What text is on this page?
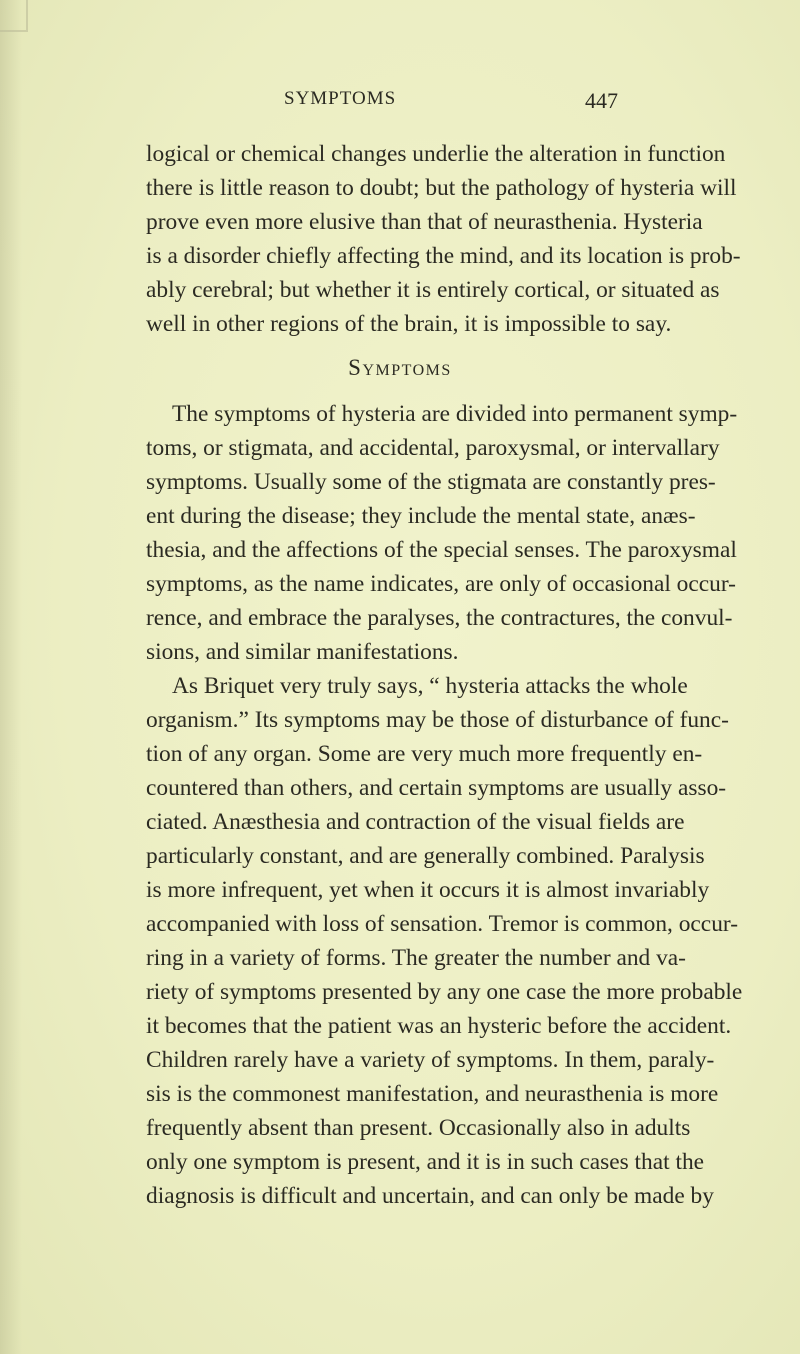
SYMPTOMS	447
logical or chemical changes underlie the alteration in function
there is little reason to doubt; but the pathology of hysteria will
prove even more elusive than that of neurasthenia. Hysteria
is a disorder chiefly affecting the mind, and its location is prob-
ably cerebral; but whether it is entirely cortical, or situated as
well in other regions of the brain, it is impossible to say.
Symptoms
The symptoms of hysteria are divided into permanent symp-
toms, or stigmata, and accidental, paroxysmal, or intervallary
symptoms. Usually some of the stigmata are constantly pres-
ent during the disease; they include the mental state, anæs-
thesia, and the affections of the special senses. The paroxysmal
symptoms, as the name indicates, are only of occasional occur-
rence, and embrace the paralyses, the contractures, the convul-
sions, and similar manifestations.
As Briquet very truly says, “ hysteria attacks the whole
organism.” Its symptoms may be those of disturbance of func-
tion of any organ. Some are very much more frequently en-
countered than others, and certain symptoms are usually asso-
ciated. Anæsthesia and contraction of the visual fields are
particularly constant, and are generally combined. Paralysis
is more infrequent, yet when it occurs it is almost invariably
accompanied with loss of sensation. Tremor is common, occur-
ring in a variety of forms. The greater the number and va-
riety of symptoms presented by any one case the more probable
it becomes that the patient was an hysteric before the accident.
Children rarely have a variety of symptoms. In them, paraly-
sis is the commonest manifestation, and neurasthenia is more
frequently absent than present. Occasionally also in adults
only one symptom is present, and it is in such cases that the
diagnosis is difficult and uncertain, and can only be made by
